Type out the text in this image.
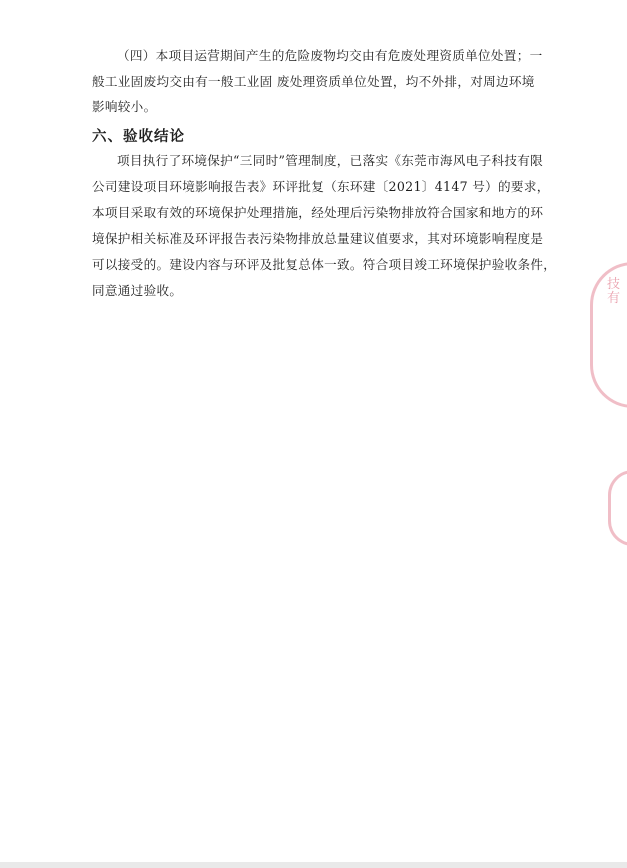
（四）本项目运营期间产生的危险废物均交由有危废处理资质单位处置；一
般工业固废均交由有一般工业固 废处理资质单位处置，均不外排，对周边环境
影响较小。
六、验收结论
项目执行了环境保护“三同时”管理制度，已落实《东莞市海风电子科技有限
公司建设项目环境影响报告表》环评批复（东环建〔2021〕4147 号）的要求，
本项目采取有效的环境保护处理措施，经处理后污染物排放符合国家和地方的环
境保护相关标准及环评报告表污染物排放总量建议值要求，其对环境影响程度是
可以接受的。建设内容与环评及批复总体一致。符合项目竣工环境保护验收条件，
同意通过验收。	技有
